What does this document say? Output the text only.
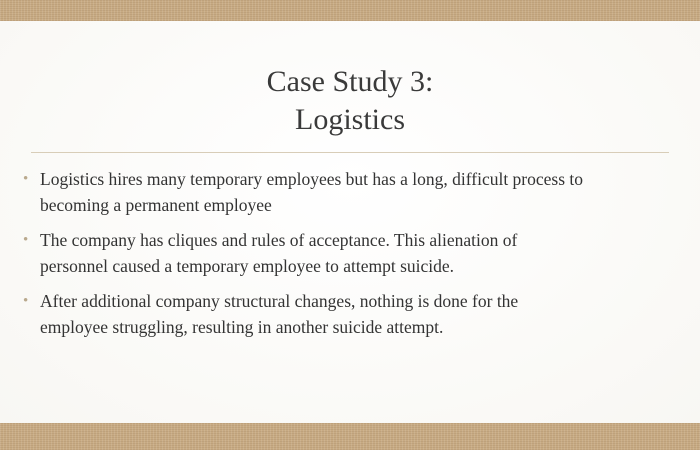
Case Study 3:
Logistics
• Logistics hires many temporary employees but has a long, difficult process to
becoming a permanent employee
• The company has cliques and rules of acceptance. This alienation of
personnel caused a temporary employee to attempt suicide.
• After additional company structural changes, nothing is done for the
employee struggling, resulting in another suicide attempt.
